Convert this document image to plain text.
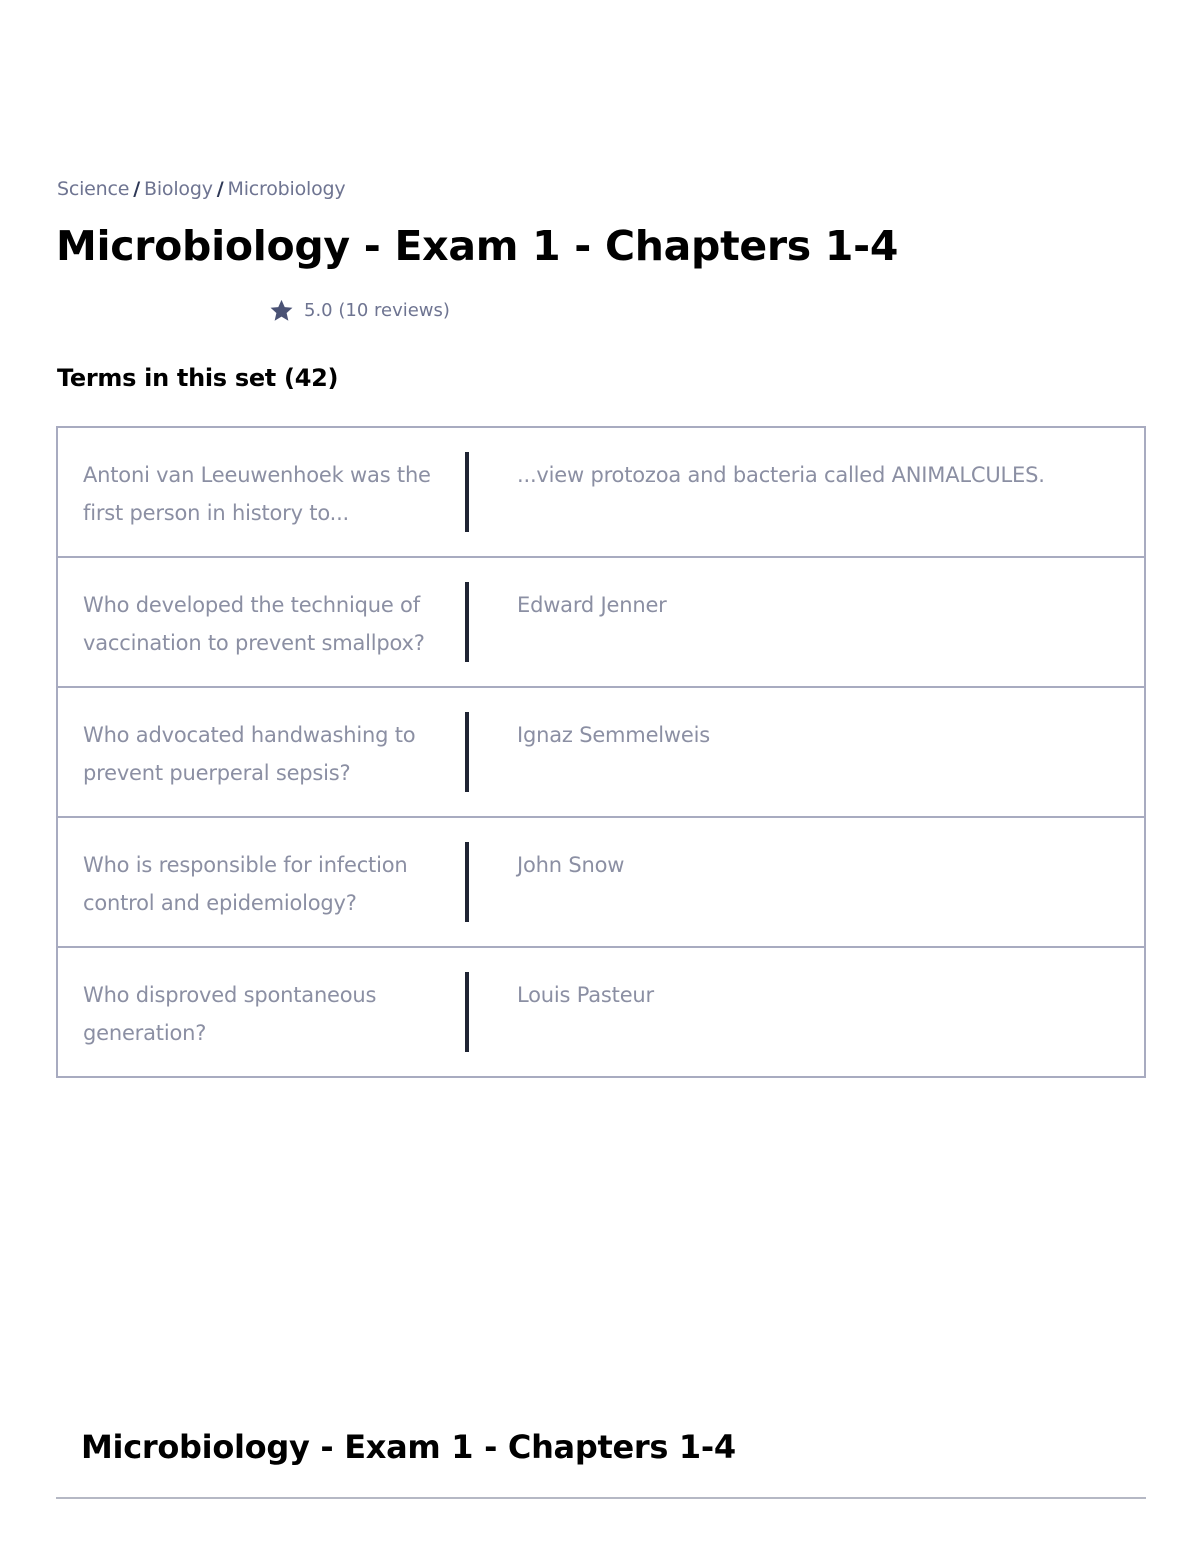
Science / Biology / Microbiology
Microbiology - Exam 1 - Chapters 1-4
5.0 (10 reviews)
Terms in this set (42)
Antoni van Leeuwenhoek was the first person in history to...
...view protozoa and bacteria called ANIMALCULES.
Who developed the technique of vaccination to prevent smallpox?
Edward Jenner
Who advocated handwashing to prevent puerperal sepsis?
Ignaz Semmelweis
Who is responsible for infection control and epidemiology?
John Snow
Who disproved spontaneous generation?
Louis Pasteur
Microbiology - Exam 1 - Chapters 1-4
